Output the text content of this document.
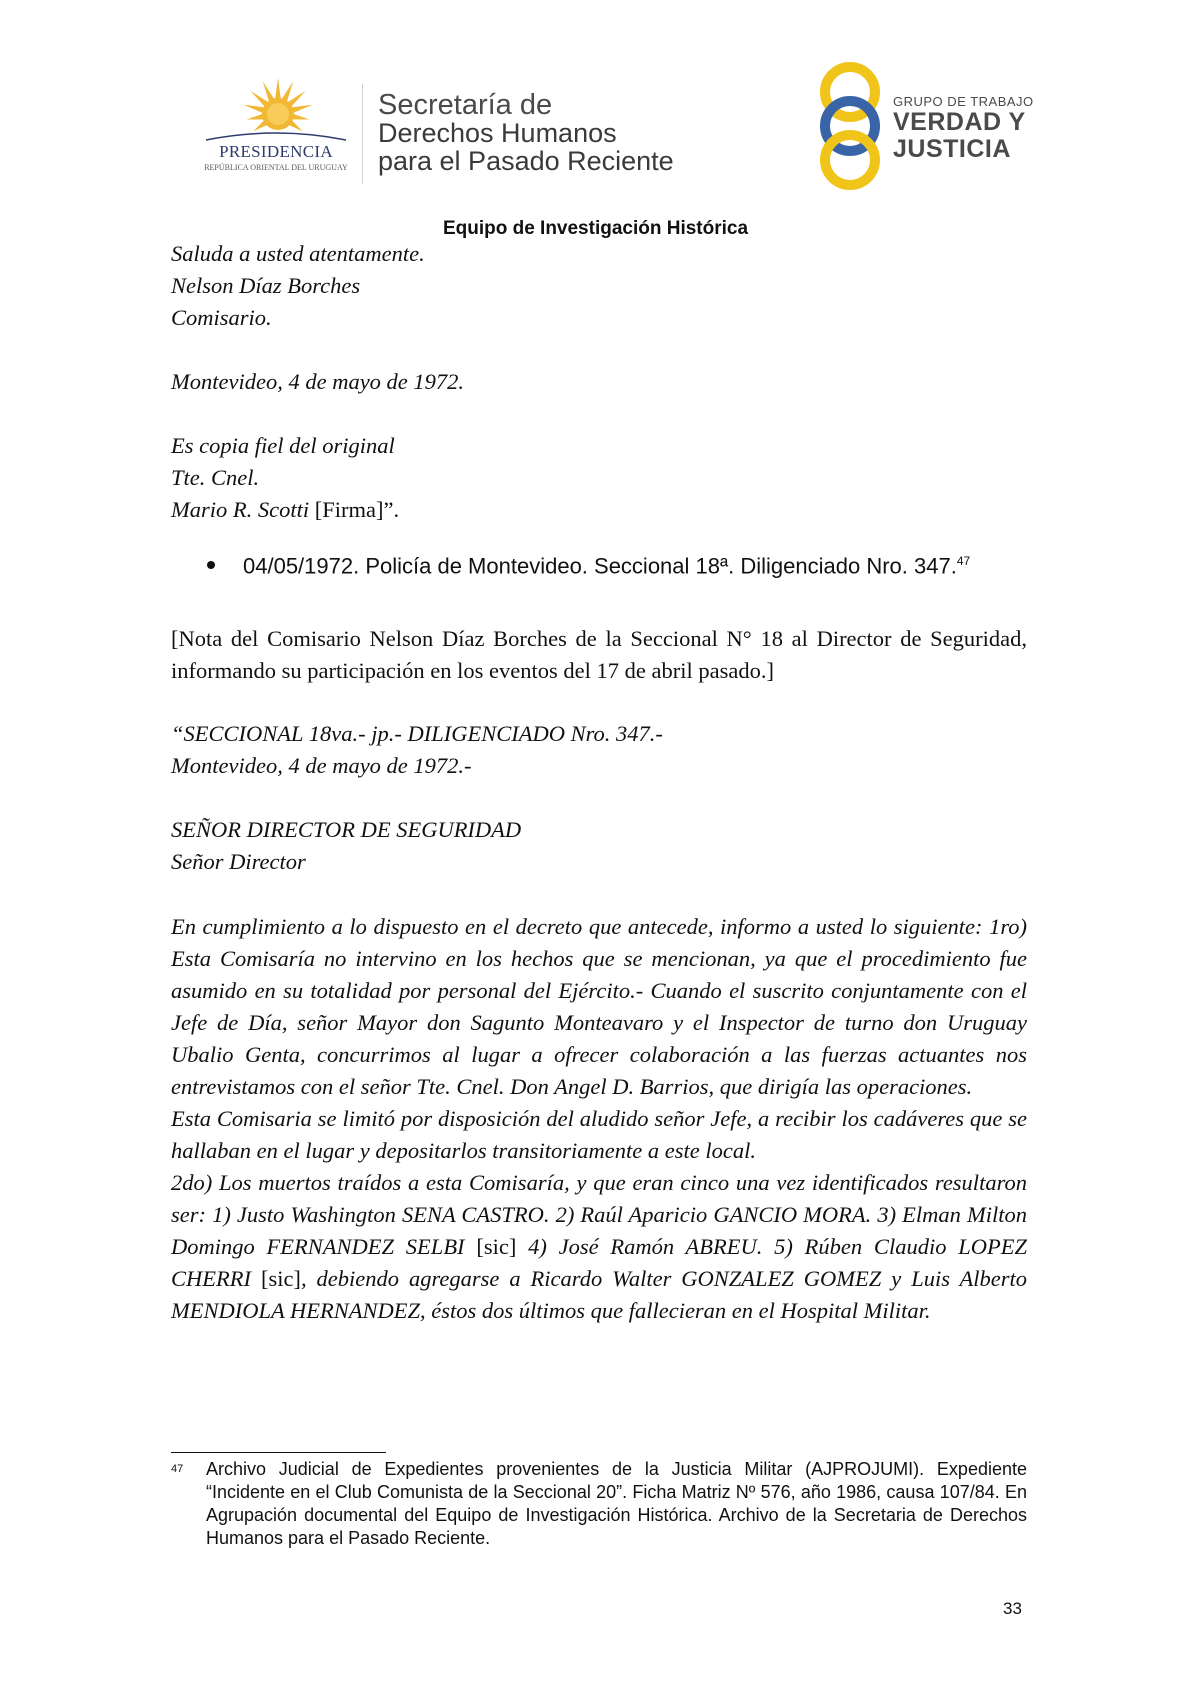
PRESIDENCIA
REPÚBLICA ORIENTAL DEL URUGUAY
Secretaría de
Derechos Humanos
para el Pasado Reciente
GRUPO DE TRABAJO
VERDAD Y
JUSTICIA
Equipo de Investigación Histórica
Saluda a usted atentamente.
Nelson Díaz Borches
Comisario.
Montevideo, 4 de mayo de 1972.
Es copia fiel del original
Tte. Cnel.
Mario R. Scotti [Firma]”.
04/05/1972. Policía de Montevideo. Seccional 18ª. Diligenciado Nro. 347.47
[Nota del Comisario Nelson Díaz Borches de la Seccional N° 18 al Director de Seguridad, informando su participación en los eventos del 17 de abril pasado.]
“SECCIONAL 18va.- jp.- DILIGENCIADO Nro. 347.-
Montevideo, 4 de mayo de 1972.-
SEÑOR DIRECTOR DE SEGURIDAD
Señor Director

En cumplimiento a lo dispuesto en el decreto que antecede, informo a usted lo siguiente: 1ro) Esta Comisaría no intervino en los hechos que se mencionan, ya que el procedimiento fue asumido en su totalidad por personal del Ejército.- Cuando el suscrito conjuntamente con el Jefe de Día, señor Mayor don Sagunto Monteavaro y el Inspector de turno don Uruguay Ubalio Genta, concurrimos al lugar a ofrecer colaboración a las fuerzas actuantes nos entrevistamos con el señor Tte. Cnel. Don Angel D. Barrios, que dirigía las operaciones.

Esta Comisaria se limitó por disposición del aludido señor Jefe, a recibir los cadáveres que se hallaban en el lugar y depositarlos transitoriamente a este local.

2do) Los muertos traídos a esta Comisaría, y que eran cinco una vez identificados resultaron ser: 1) Justo Washington SENA CASTRO. 2) Raúl Aparicio GANCIO MORA. 3) Elman Milton Domingo FERNANDEZ SELBI [sic] 4) José Ramón ABREU. 5) Rúben Claudio LOPEZ CHERRI [sic], debiendo agregarse a Ricardo Walter GONZALEZ GOMEZ y Luis Alberto MENDIOLA HERNANDEZ, éstos dos últimos que fallecieran en el Hospital Militar.

47 Archivo Judicial de Expedientes provenientes de la Justicia Militar (AJPROJUMI). Expediente “Incidente en el Club Comunista de la Seccional 20”. Ficha Matriz Nº 576, año 1986, causa 107/84. En Agrupación documental del Equipo de Investigación Histórica. Archivo de la Secretaria de Derechos Humanos para el Pasado Reciente.
33
